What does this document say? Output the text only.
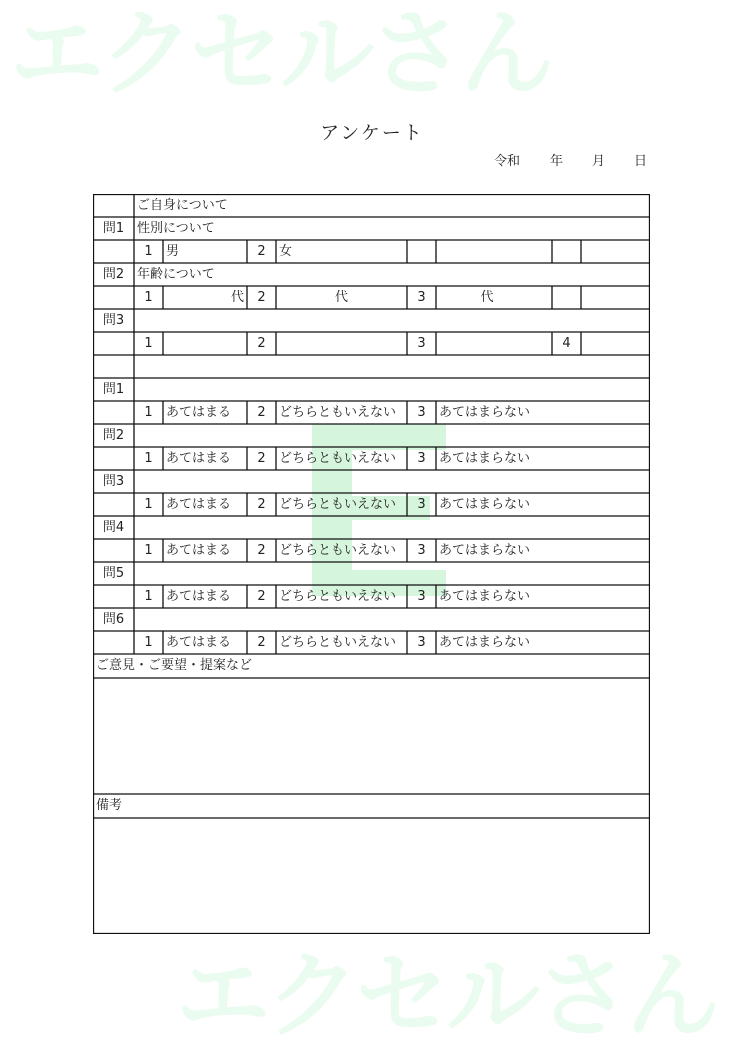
エクセルさん
エクセルさん
アンケート
令和 年 月 日
ご自身について
問1 性別について
1	男	2	女
問2 年齢について
1	代	2	代	3	代
問3
1	2	3	4
問1
1	あてはまる	2	どちらともいえない	3	あてはまらない
問2
1	あてはまる	2	どちらともいえない	3	あてはまらない
問3
1	あてはまる	2	どちらともいえない	3	あてはまらない
問4
1	あてはまる	2	どちらともいえない	3	あてはまらない
問5
1	あてはまる	2	どちらともいえない	3	あてはまらない
問6
1	あてはまる	2	どちらともいえない	3	あてはまらない
ご意見・ご要望・提案など
備考
